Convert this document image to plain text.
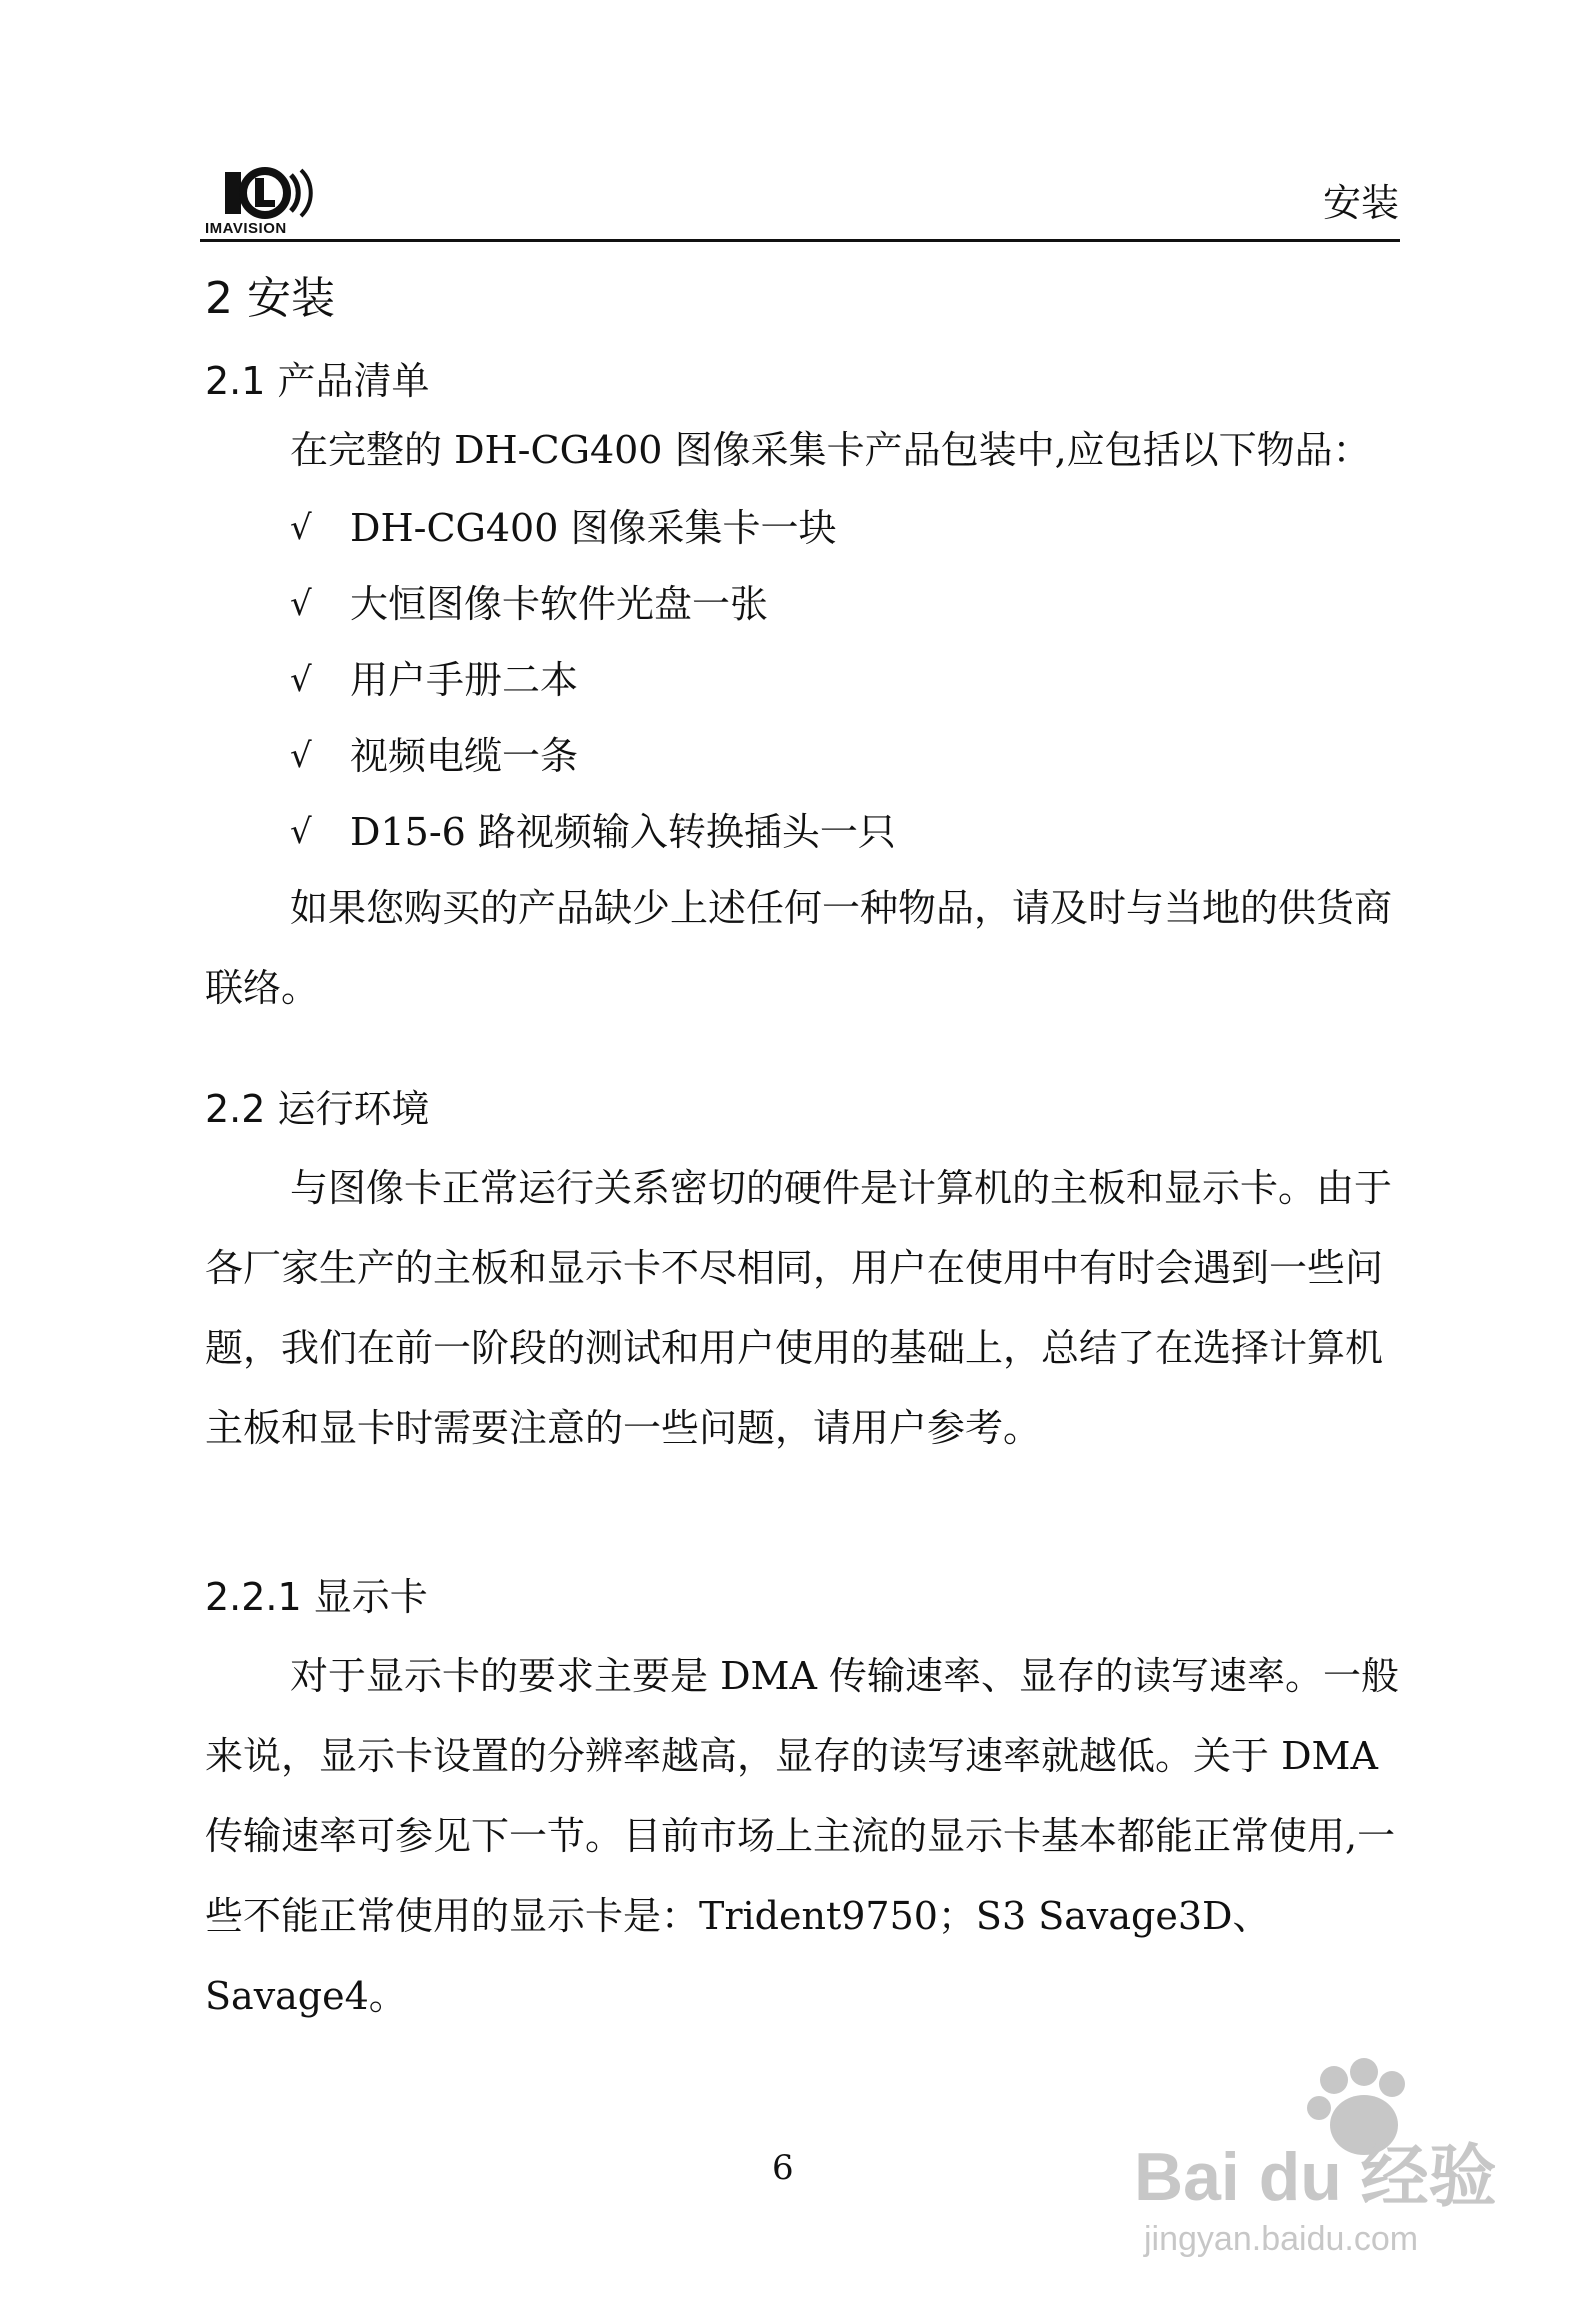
IMAVISION
安装
2 安装
2.1 产品清单
在完整的 DH-CG400 图像采集卡产品包装中,应包括以下物品：
√	DH-CG400 图像采集卡一块
√	大恒图像卡软件光盘一张
√	用户手册二本
√	视频电缆一条
√	D15-6 路视频输入转换插头一只
如果您购买的产品缺少上述任何一种物品，请及时与当地的供货商联络。
2.2 运行环境
与图像卡正常运行关系密切的硬件是计算机的主板和显示卡。由于各厂家生产的主板和显示卡不尽相同，用户在使用中有时会遇到一些问题，我们在前一阶段的测试和用户使用的基础上，总结了在选择计算机主板和显卡时需要注意的一些问题，请用户参考。
2.2.1 显示卡
对于显示卡的要求主要是 DMA 传输速率、显存的读写速率。一般来说，显示卡设置的分辨率越高，显存的读写速率就越低。关于 DMA 传输速率可参见下一节。目前市场上主流的显示卡基本都能正常使用,一些不能正常使用的显示卡是：Trident9750；S3 Savage3D、Savage4。
6	Bai du 经验
jingyan.baidu.com
